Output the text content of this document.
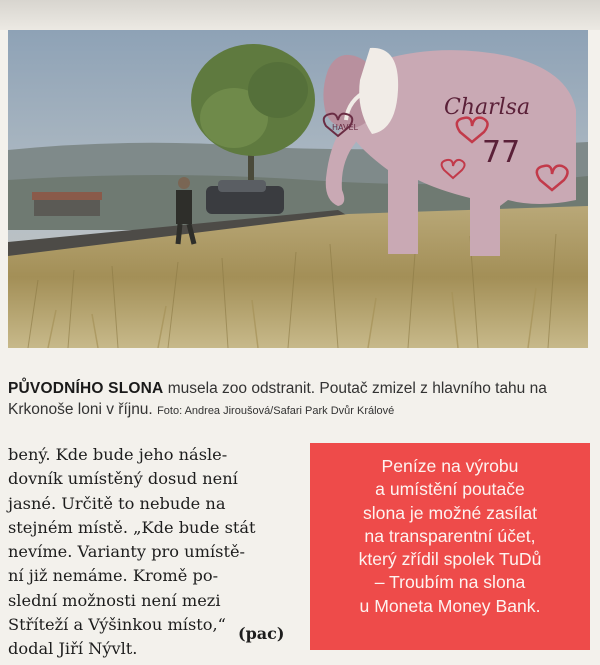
HAVEL
Charlsa
77
PŮVODNÍHO SLONA musela zoo odstranit. Poutač zmizel z hlavního tahu na Krkonoše loni v říjnu. Foto: Andrea Jiroušová/Safari Park Dvůr Králové
bený. Kde bude jeho násle-
dovník umístěný dosud není
jasné. Určitě to nebude na
stejném místě. „Kde bude stát
nevíme. Varianty pro umístě-
ní již nemáme. Kromě po-
slední možnosti není mezi
Stříteží a Výšinkou místo,“
dodal Jiří Nývlt.
(pac)
Peníze na výrobu
a umístění poutače
slona je možné zasílat
na transparentní účet,
který zřídil spolek TuDů
– Troubím na slona
u Moneta Money Bank.
